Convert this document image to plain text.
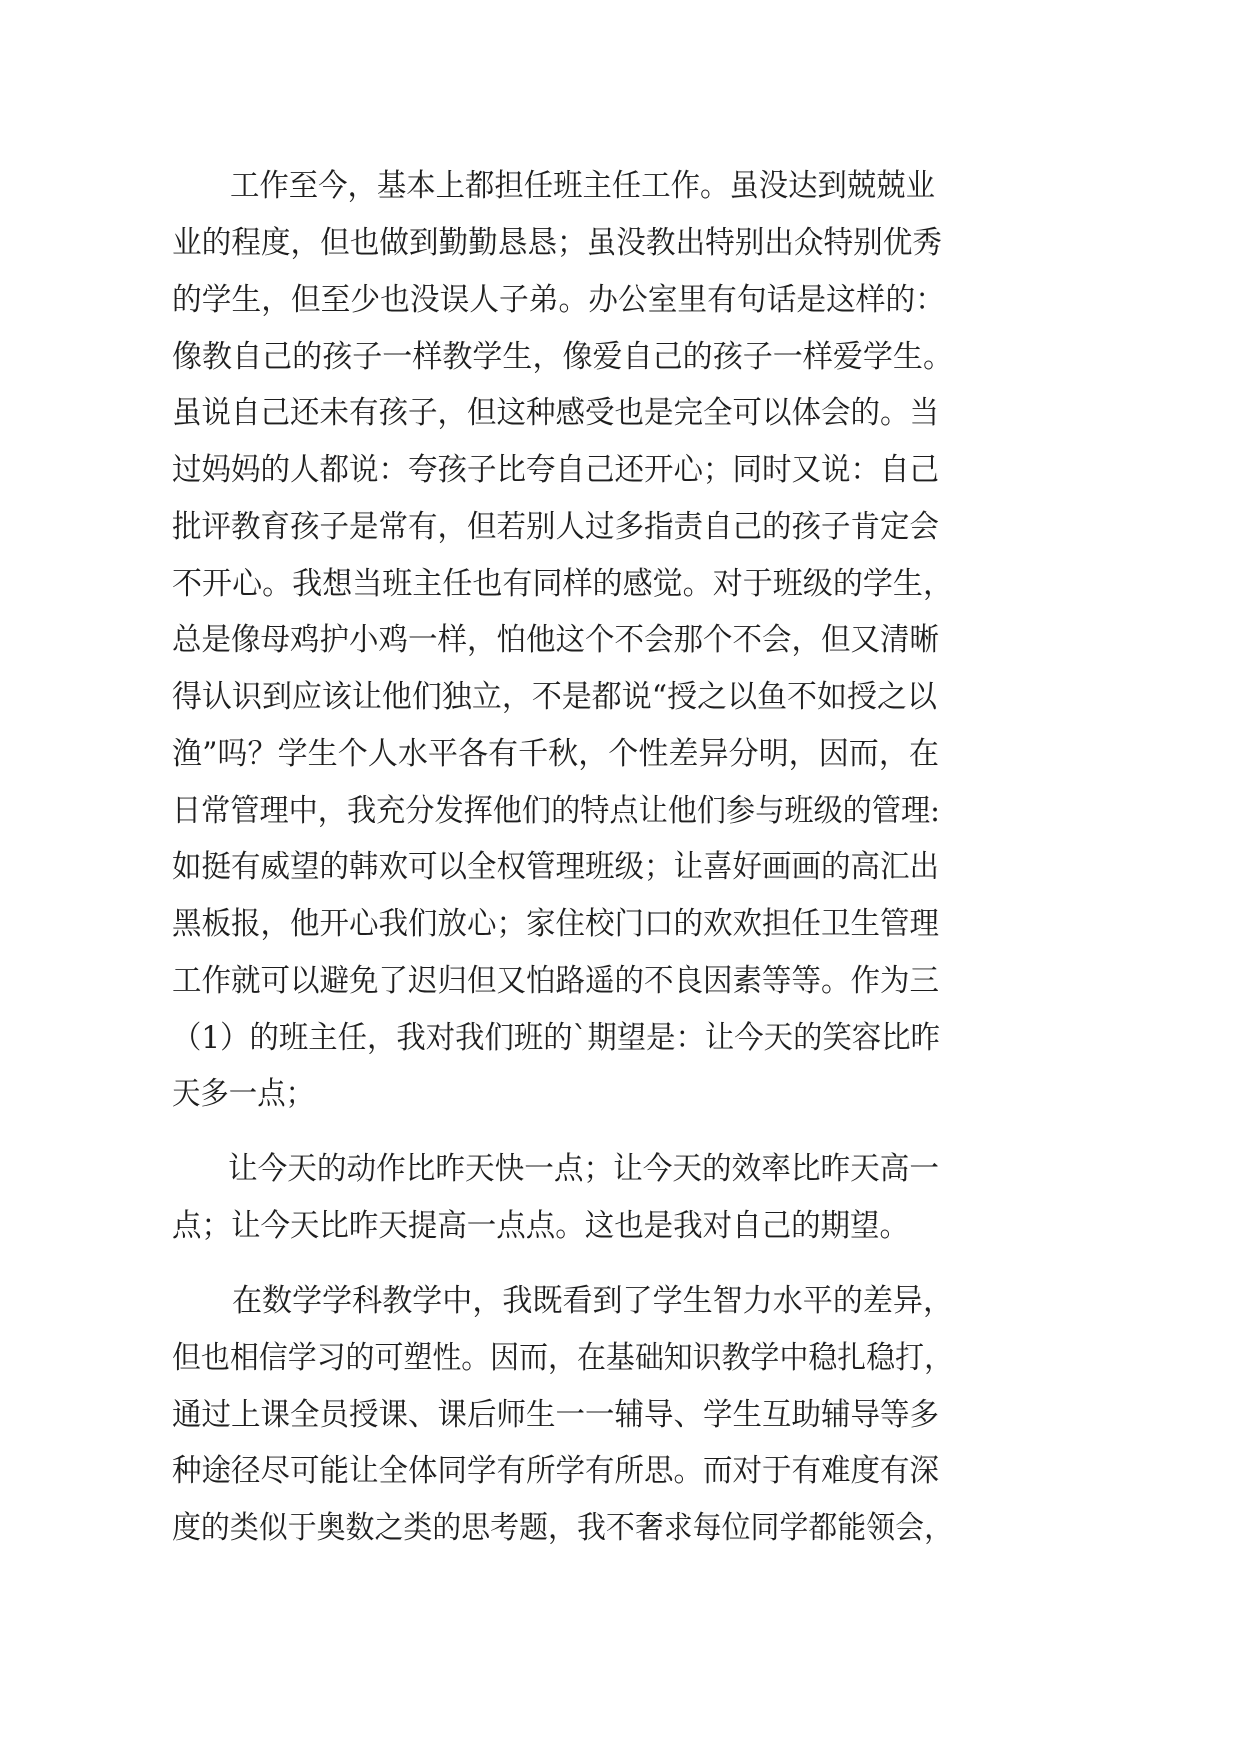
工作至今，基本上都担任班主任工作。虽没达到兢兢业
业的程度，但也做到勤勤恳恳；虽没教出特别出众特别优秀
的学生，但至少也没误人子弟。办公室里有句话是这样的：
像教自己的孩子一样教学生，像爱自己的孩子一样爱学生。
虽说自己还未有孩子，但这种感受也是完全可以体会的。当
过妈妈的人都说：夸孩子比夸自己还开心；同时又说：自己
批评教育孩子是常有，但若别人过多指责自己的孩子肯定会
不开心。我想当班主任也有同样的感觉。对于班级的学生，
总是像母鸡护小鸡一样，怕他这个不会那个不会，但又清晰
得认识到应该让他们独立，不是都说“授之以鱼不如授之以
渔”吗？学生个人水平各有千秋，个性差异分明，因而，在
日常管理中，我充分发挥他们的特点让他们参与班级的管理:
如挺有威望的韩欢可以全权管理班级；让喜好画画的高汇出
黑板报，他开心我们放心；家住校门口的欢欢担任卫生管理
工作就可以避免了迟归但又怕路遥的不良因素等等。作为三
（1）的班主任，我对我们班的`期望是：让今天的笑容比昨
天多一点；
让今天的动作比昨天快一点；让今天的效率比昨天高一
点；让今天比昨天提高一点点。这也是我对自己的期望。
在数学学科教学中，我既看到了学生智力水平的差异，
但也相信学习的可塑性。因而，在基础知识教学中稳扎稳打，
通过上课全员授课、课后师生一一辅导、学生互助辅导等多
种途径尽可能让全体同学有所学有所思。而对于有难度有深
度的类似于奥数之类的思考题，我不奢求每位同学都能领会，
